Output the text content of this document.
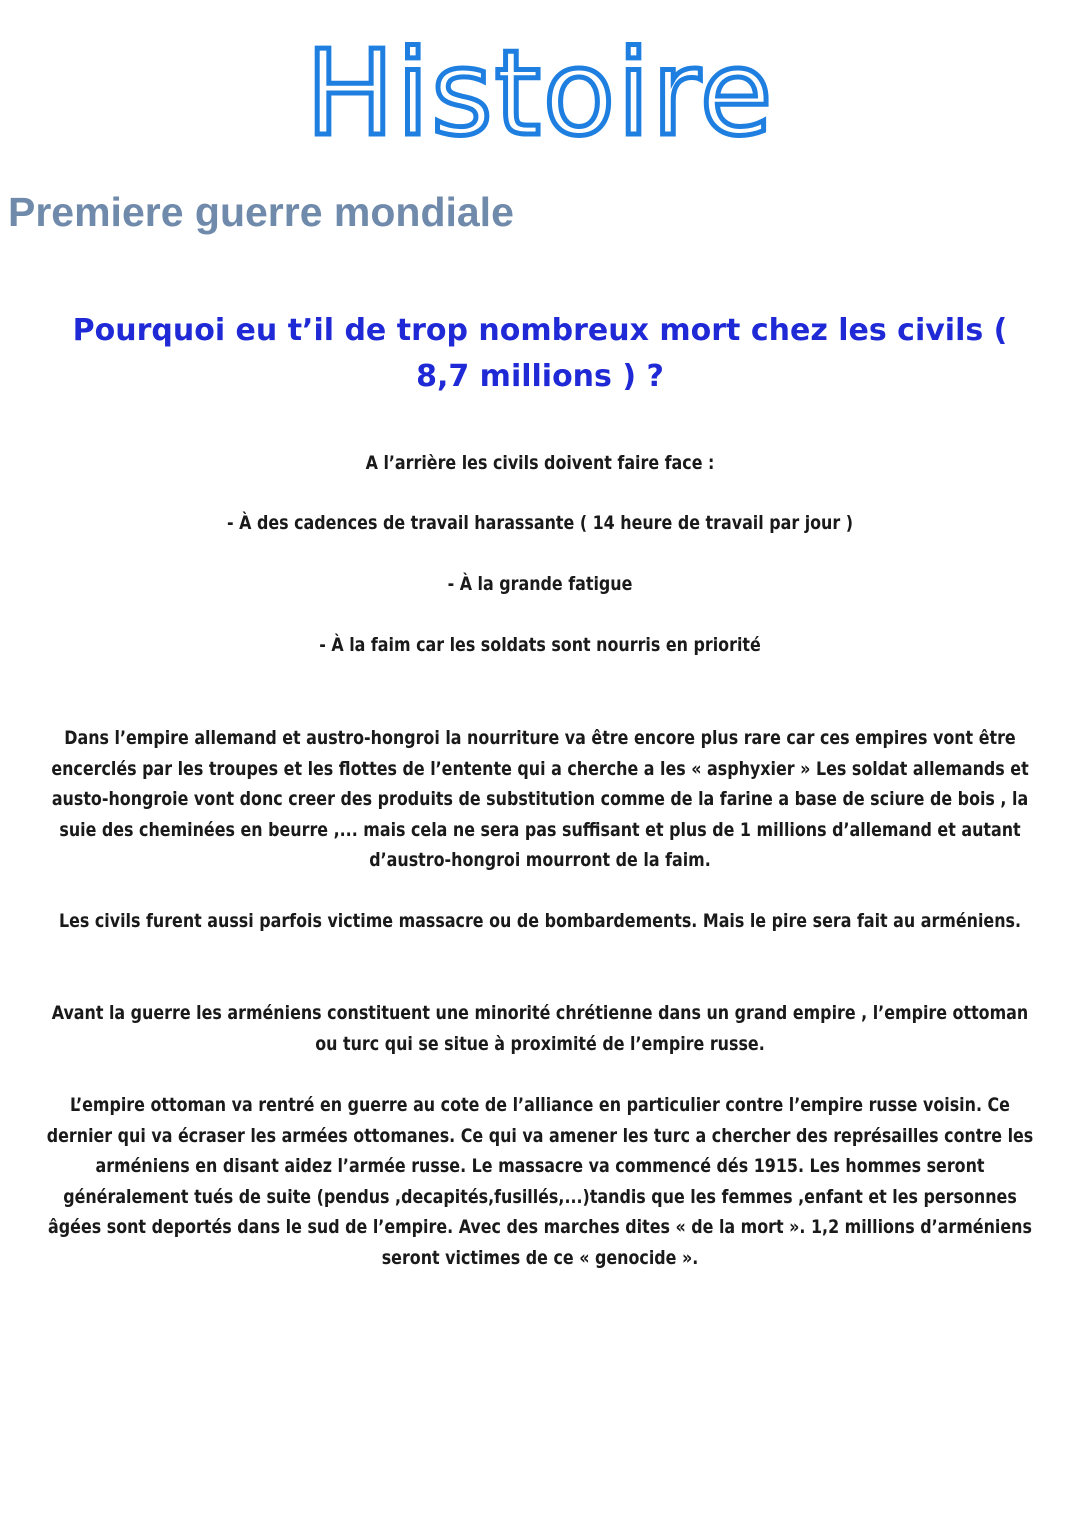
Histoire
Premiere guerre mondiale
Pourquoi eu t’il de trop nombreux mort chez les civils ( 8,7 millions ) ?

A l’arrière les civils doivent faire face :

- À des cadences de travail harassante ( 14 heure de travail par jour )

- À la grande fatigue

- À la faim car les soldats sont nourris en priorité

Dans l’empire allemand et austro-hongroi la nourriture va être encore plus rare car ces empires vont être encerclés par les troupes et les flottes de l’entente qui a cherche a les « asphyxier » Les soldat allemands et austo-hongroie vont donc creer des produits de substitution comme de la farine a base de sciure de bois , la suie des cheminées en beurre ,... mais cela ne sera pas suffisant et plus de 1 millions d’allemand et autant d’austro-hongroi mourront de la faim.

Les civils furent aussi parfois victime massacre ou de bombardements. Mais le pire sera fait au arméniens.

Avant la guerre les arméniens constituent une minorité chrétienne dans un grand empire , l’empire ottoman ou turc qui se situe à proximité de l’empire russe.

L’empire ottoman va rentré en guerre au cote de l’alliance en particulier contre l’empire russe voisin. Ce dernier qui va écraser les armées ottomanes. Ce qui va amener les turc a chercher des représailles contre les arméniens en disant aidez l’armée russe. Le massacre va commencé dés 1915. Les hommes seront généralement tués de suite (pendus ,decapités,fusillés,...)tandis que les femmes ,enfant et les personnes âgées sont deportés dans le sud de l’empire. Avec des marches dites « de la mort ». 1,2 millions d’arméniens seront victimes de ce « genocide ».
